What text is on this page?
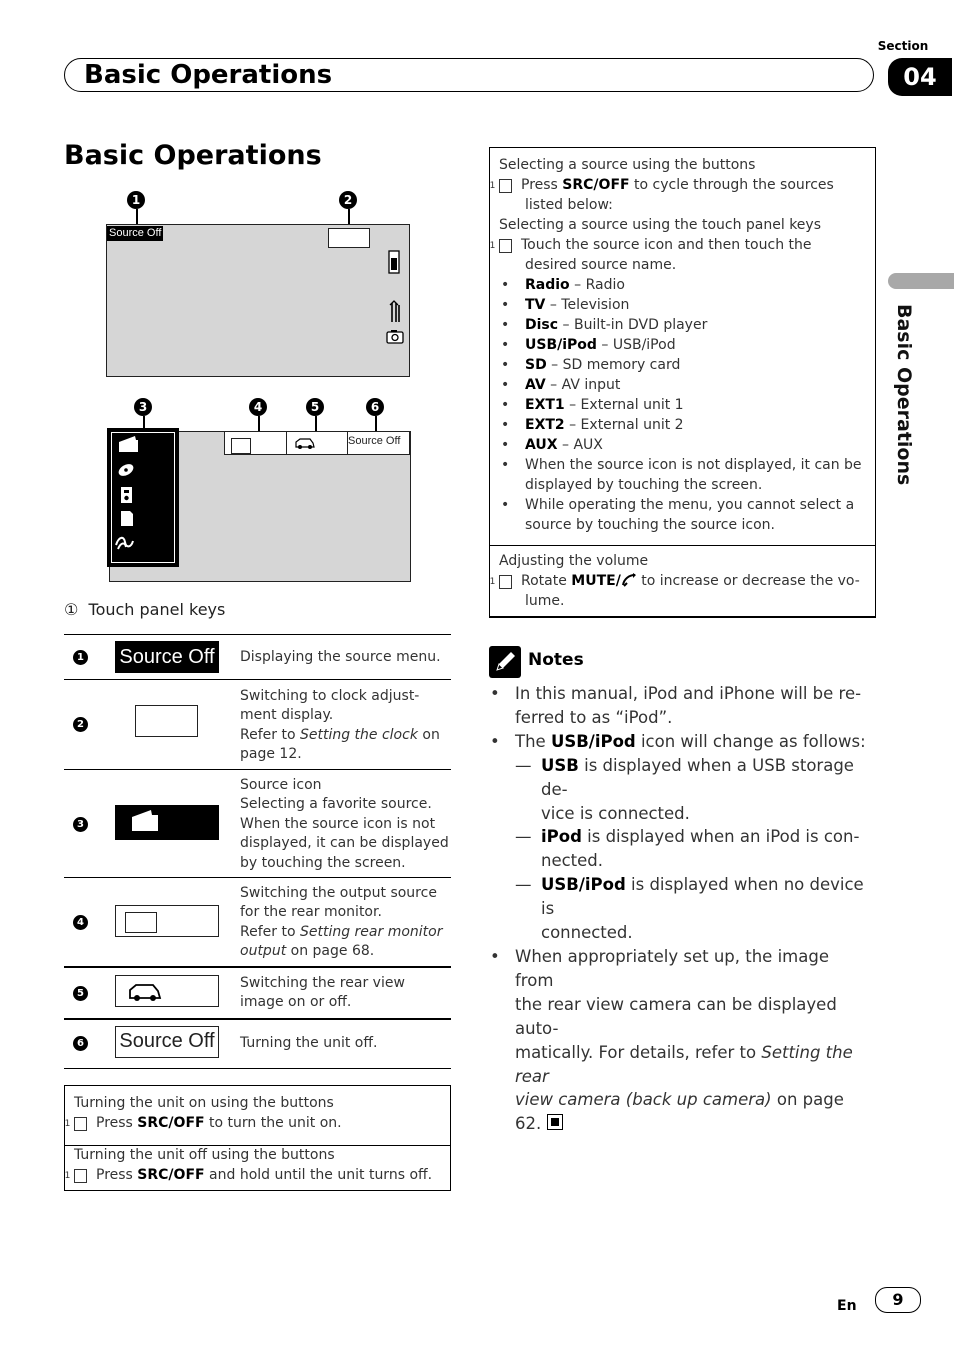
Basic Operations
Section
04
Basic Operations
Basic Operations
1	2
Source Off
3	4	5	6
Source Off
① Touch panel keys
1 Source Off	Displaying the source menu.
2
Switching to clock adjust-
ment display.
Refer to Setting the clock on
page 12.
3
Source icon
Selecting a favorite source.
When the source icon is not
displayed, it can be displayed
by touching the screen.
4
Switching the output source
for the rear monitor.
Refer to Setting rear monitor
output on page 68.
5
Switching the rear view
image on or off.
6 Source Off	Turning the unit off.
Turning the unit on using the buttons
1 Press SRC/OFF to turn the unit on.
Turning the unit off using the buttons
1 Press SRC/OFF and hold until the unit turns off.
Selecting a source using the buttons
1 Press SRC/OFF to cycle through the sources listed below:
Selecting a source using the touch panel keys
1 Touch the source icon and then touch the desired source name.
• Radio – Radio
• TV – Television
• Disc – Built-in DVD player
• USB/iPod – USB/iPod
• SD – SD memory card
• AV – AV input
• EXT1 – External unit 1
• EXT2 – External unit 2
• AUX – AUX
• When the source icon is not displayed, it can be displayed by touching the screen.
• While operating the menu, you cannot select a source by touching the source icon.
Adjusting the volume
1 Rotate MUTE/ to increase or decrease the vo-
lume.
Notes
• In this manual, iPod and iPhone will be re-
ferred to as “iPod”.
• The USB/iPod icon will change as follows:
— USB is displayed when a USB storage de-
vice is connected.
— iPod is displayed when an iPod is con-
nected.
— USB/iPod is displayed when no device is
connected.
• When appropriately set up, the image from
the rear view camera can be displayed auto-
matically. For details, refer to Setting the rear
view camera (back up camera) on page 62.
En	9
